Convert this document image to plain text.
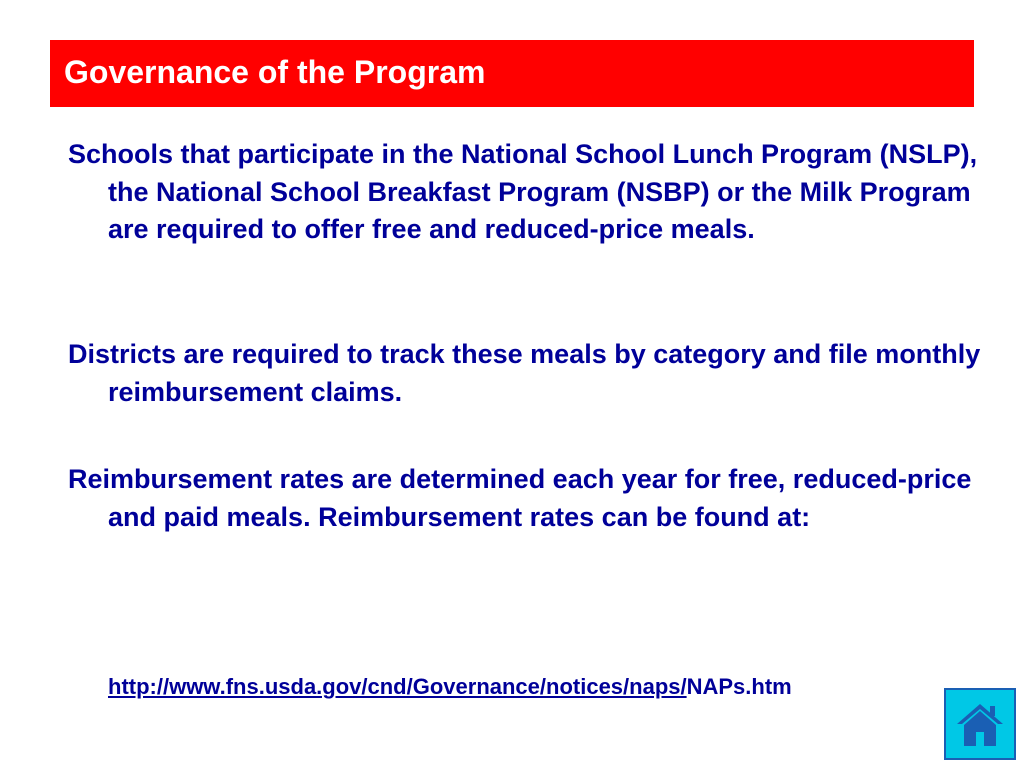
Governance of the Program

Schools that participate in the National School Lunch Program (NSLP), the National School Breakfast Program (NSBP) or the Milk Program are required to offer free and reduced-price meals.

Districts are required to track these meals by category and file monthly reimbursement claims.

Reimbursement rates are determined each year for free, reduced-price and paid meals. Reimbursement rates can be found at:

http://www.fns.usda.gov/cnd/Governance/notices/naps/NAPs.htm
